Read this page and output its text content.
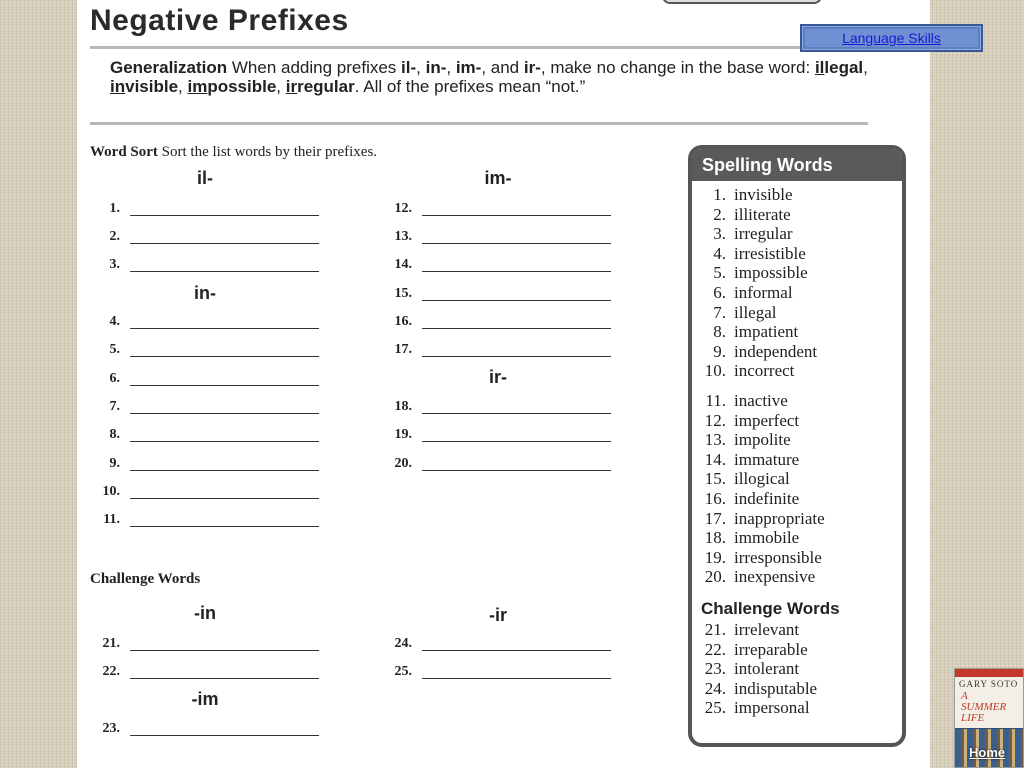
Negative Prefixes
Generalization When adding prefixes il-, in-, im-, and ir-, make no change in the base word: illegal, invisible, impossible, irregular. All of the prefixes mean “not.”
Word Sort Sort the list words by their prefixes.
il-	im-
in-
ir-
1.
2.
3.
4.
5.
6.
7.
8.
9.
10.
11.
12.
13.
14.
15.
16.
17.
18.
19.
20.
Challenge Words
-in	-ir
-im
21.
22.
23.
24.
25.
Spelling Words
1. invisible
2. illiterate
3. irregular
4. irresistible
5. impossible
6. informal
7. illegal
8. impatient
9. independent
10. incorrect
11. inactive
12. imperfect
13. impolite
14. immature
15. illogical
16. indefinite
17. inappropriate
18. immobile
19. irresponsible
20. inexpensive
Challenge Words
21. irrelevant
22. irreparable
23. intolerant
24. indisputable
25. impersonal
Language Skills
GARY SOTO
A
SUMMER
LIFE
Home
